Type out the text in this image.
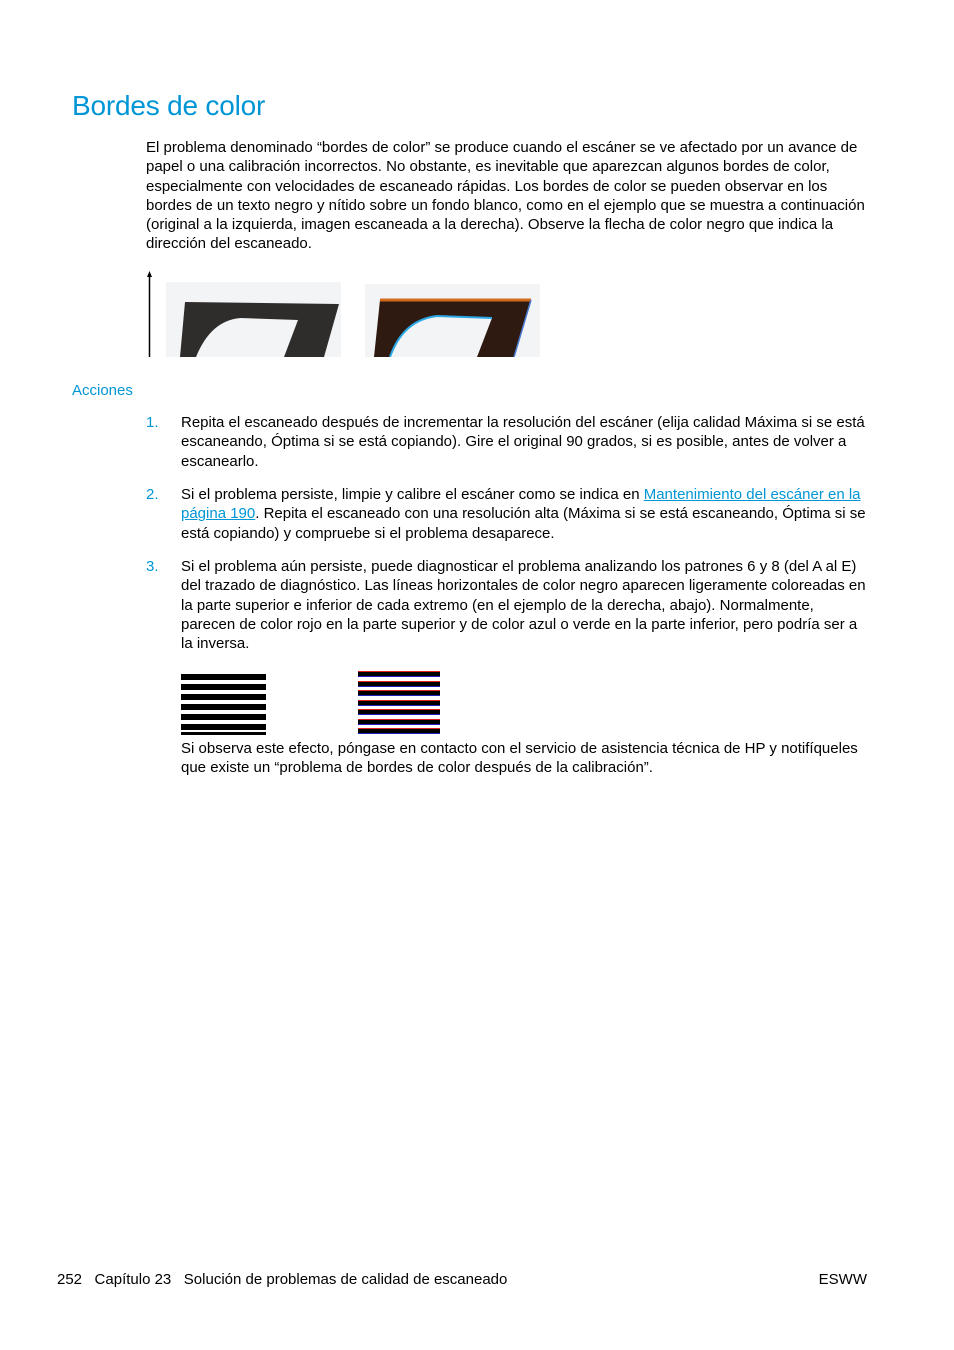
Bordes de color
El problema denominado “bordes de color” se produce cuando el escáner se ve afectado por un avance de papel o una calibración incorrectos. No obstante, es inevitable que aparezcan algunos bordes de color, especialmente con velocidades de escaneado rápidas. Los bordes de color se pueden observar en los bordes de un texto negro y nítido sobre un fondo blanco, como en el ejemplo que se muestra a continuación (original a la izquierda, imagen escaneada a la derecha). Observe la flecha de color negro que indica la dirección del escaneado.
Acciones
1. Repita el escaneado después de incrementar la resolución del escáner (elija calidad Máxima si se está escaneando, Óptima si se está copiando). Gire el original 90 grados, si es posible, antes de volver a escanearlo.
2. Si el problema persiste, limpie y calibre el escáner como se indica en Mantenimiento del escáner en la página 190. Repita el escaneado con una resolución alta (Máxima si se está escaneando, Óptima si se está copiando) y compruebe si el problema desaparece.
3. Si el problema aún persiste, puede diagnosticar el problema analizando los patrones 6 y 8 (del A al E) del trazado de diagnóstico. Las líneas horizontales de color negro aparecen ligeramente coloreadas en la parte superior e inferior de cada extremo (en el ejemplo de la derecha, abajo). Normalmente, parecen de color rojo en la parte superior y de color azul o verde en la parte inferior, pero podría ser a la inversa.
Si observa este efecto, póngase en contacto con el servicio de asistencia técnica de HP y notifíqueles que existe un “problema de bordes de color después de la calibración”.
252 Capítulo 23 Solución de problemas de calidad de escaneado	ESWW
